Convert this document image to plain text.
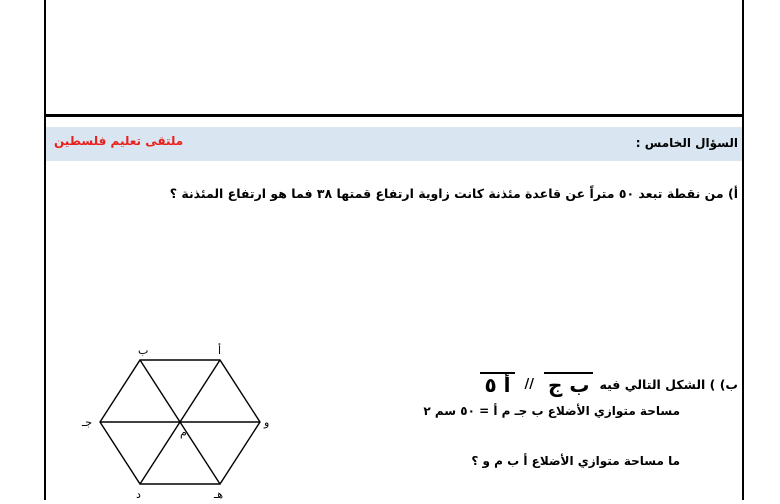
السؤال الخامس :
ملتقى تعليم فلسطين
أ) من نقطة تبعد ٥٠ متراً عن قاعدة مئذنة كانت زاوية ارتفاع قمتها ٣٨ فما هو ارتفاع المئذنة ؟
ب) ) الشكل التالي فيه
ب ج
//
أ ٥
مساحة متوازي الأضلاع ب جـ م أ = ٥٠ سم ٢
ما مساحة متوازي الأضلاع أ ب م و ؟
ب	أ
جـ
م
و
د	هـ
